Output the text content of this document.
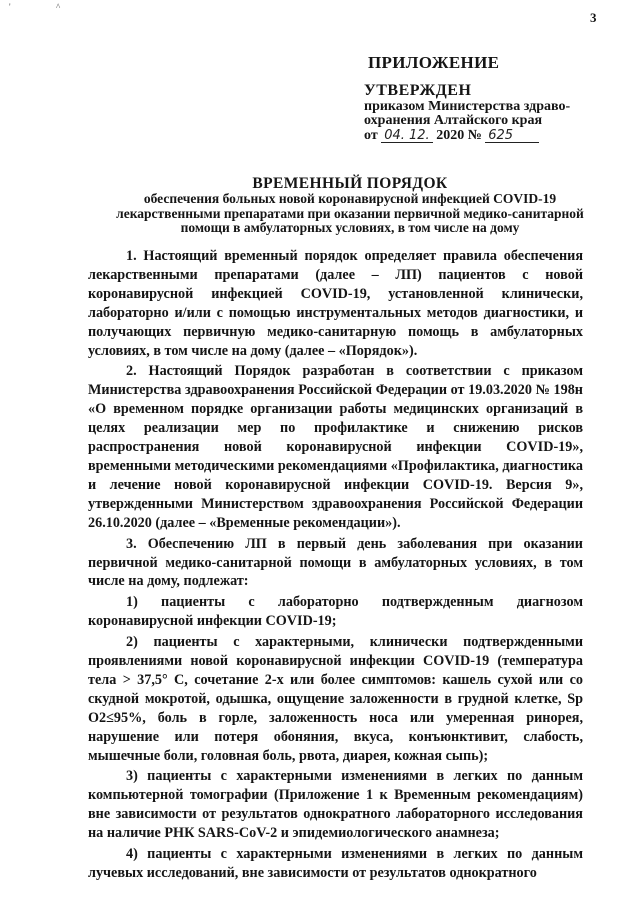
'	^
3
ПРИЛОЖЕНИЕ
УТВЕРЖДЕН
приказом Министерства здраво-
охранения Алтайского края
от 04. 12. 2020 № 625
ВРЕМЕННЫЙ ПОРЯДОК
обеспечения больных новой коронавирусной инфекцией COVID-19
лекарственными препаратами при оказании первичной медико-санитарной
помощи в амбулаторных условиях, в том числе на дому

1. Настоящий временный порядок определяет правила обеспечения лекарственными препаратами (далее – ЛП) пациентов с новой коронавирусной инфекцией COVID-19, установленной клинически, лабораторно и/или с помощью инструментальных методов диагностики, и получающих первичную медико-санитарную помощь в амбулаторных условиях, в том числе на дому (далее – «Порядок»).

2. Настоящий Порядок разработан в соответствии с приказом Министерства здравоохранения Российской Федерации от 19.03.2020 № 198н «О временном порядке организации работы медицинских организаций в целях реализации мер по профилактике и снижению рисков распространения новой коронавирусной инфекции COVID-19», временными методическими рекомендациями «Профилактика, диагностика и лечение новой коронавирусной инфекции COVID-19. Версия 9», утвержденными Министерством здравоохранения Российской Федерации 26.10.2020 (далее – «Временные рекомендации»).

3. Обеспечению ЛП в первый день заболевания при оказании первичной медико-санитарной помощи в амбулаторных условиях, в том числе на дому, подлежат:

1) пациенты с лабораторно подтвержденным диагнозом коронавирусной инфекции COVID-19;

2) пациенты с характерными, клинически подтвержденными проявлениями новой коронавирусной инфекции COVID-19 (температура тела > 37,5° С, сочетание 2-х или более симптомов: кашель сухой или со скудной мокротой, одышка, ощущение заложенности в грудной клетке, Sp O2≤95%, боль в горле, заложенность носа или умеренная ринорея, нарушение или потеря обоняния, вкуса, конъюнктивит, слабость, мышечные боли, головная боль, рвота, диарея, кожная сыпь);

3) пациенты с характерными изменениями в легких по данным компьютерной томографии (Приложение 1 к Временным рекомендациям) вне зависимости от результатов однократного лабораторного исследования на наличие РНК SARS-CoV-2 и эпидемиологического анамнеза;

4) пациенты с характерными изменениями в легких по данным лучевых исследований, вне зависимости от результатов однократного
